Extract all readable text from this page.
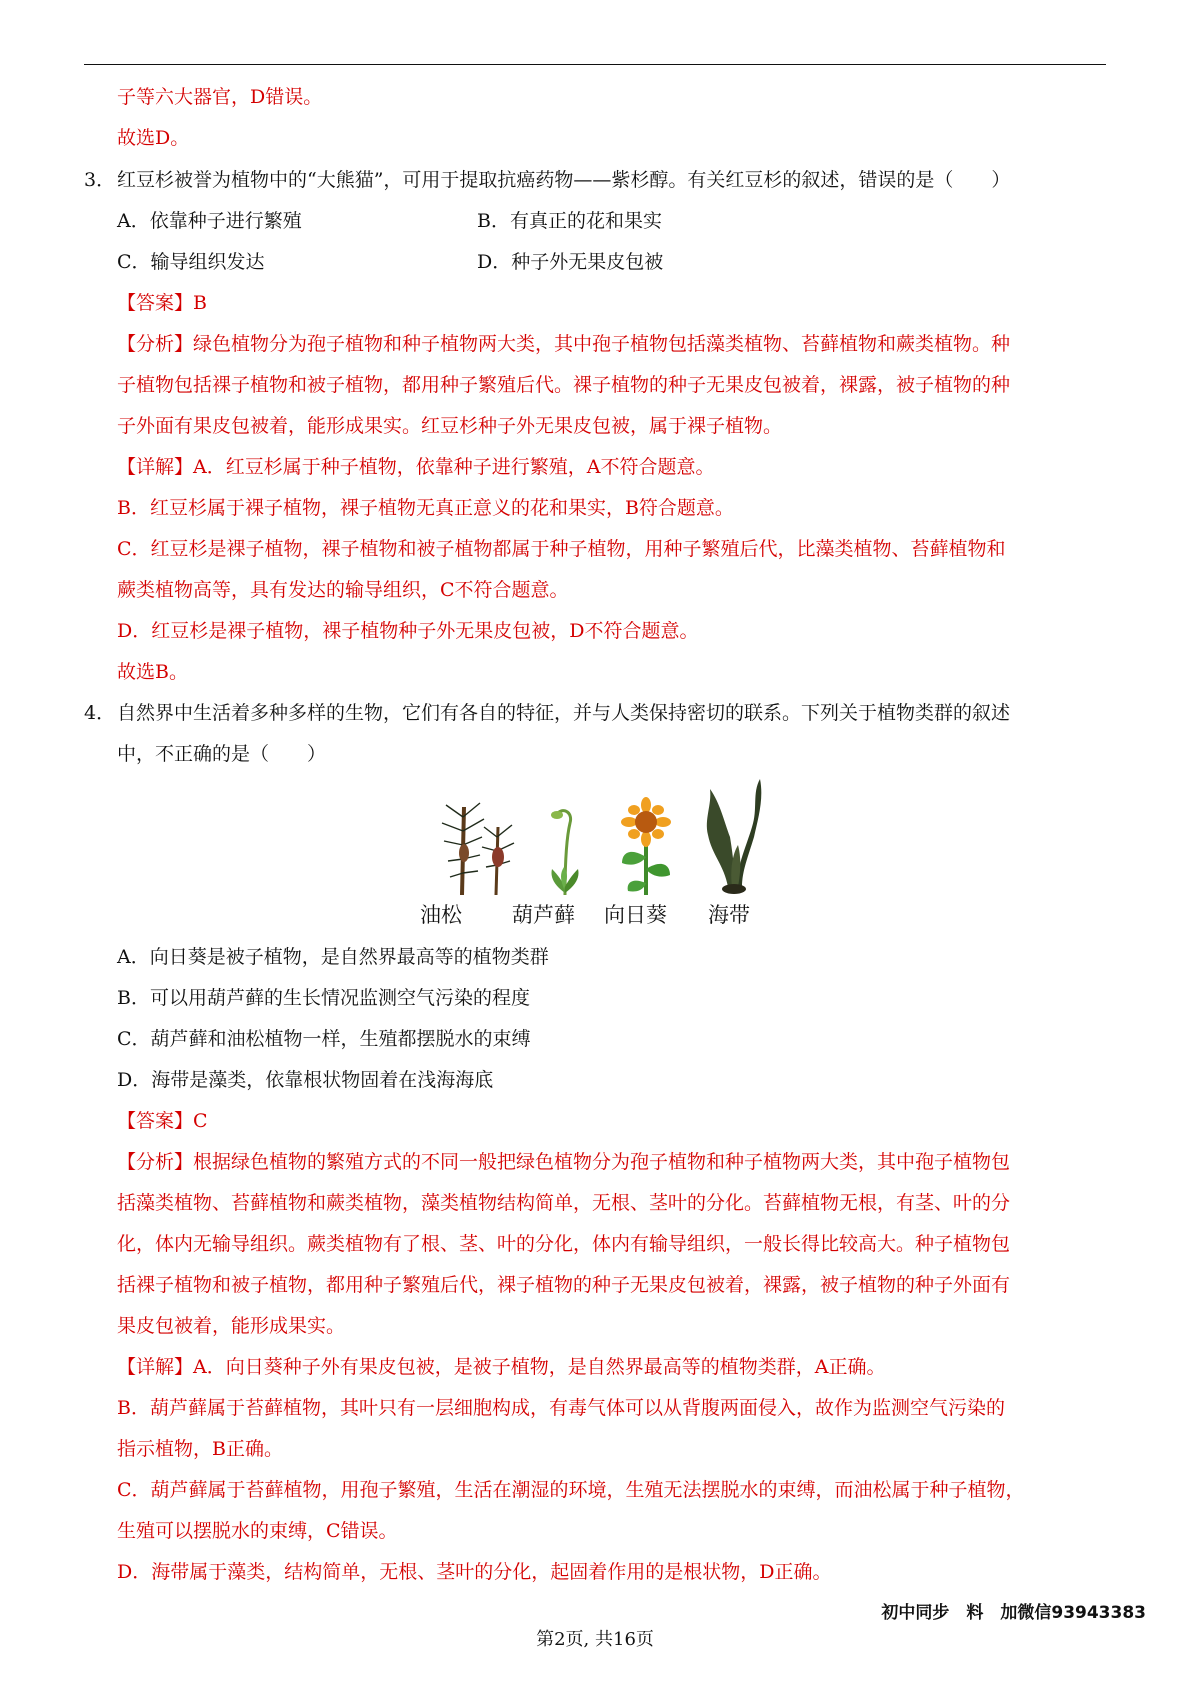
子等六大器官，D错误。
故选D。
3． 红豆杉被誉为植物中的“大熊猫”，可用于提取抗癌药物——紫杉醇。有关红豆杉的叙述，错误的是（　　）
A．依靠种子进行繁殖	B．有真正的花和果实
C．输导组织发达	D．种子外无果皮包被
【答案】B
【分析】绿色植物分为孢子植物和种子植物两大类，其中孢子植物包括藻类植物、苔藓植物和蕨类植物。种
子植物包括裸子植物和被子植物，都用种子繁殖后代。裸子植物的种子无果皮包被着，裸露，被子植物的种
子外面有果皮包被着，能形成果实。红豆杉种子外无果皮包被，属于裸子植物。
【详解】A．红豆杉属于种子植物，依靠种子进行繁殖，A不符合题意。
B．红豆杉属于裸子植物，裸子植物无真正意义的花和果实，B符合题意。
C．红豆杉是裸子植物，裸子植物和被子植物都属于种子植物，用种子繁殖后代，比藻类植物、苔藓植物和
蕨类植物高等，具有发达的输导组织，C不符合题意。
D．红豆杉是裸子植物，裸子植物种子外无果皮包被，D不符合题意。
故选B。
4． 自然界中生活着多种多样的生物，它们有各自的特征，并与人类保持密切的联系。下列关于植物类群的叙述
中，不正确的是（　　）
油松 葫芦藓 向日葵 海带
A．向日葵是被子植物，是自然界最高等的植物类群
B．可以用葫芦藓的生长情况监测空气污染的程度
C．葫芦藓和油松植物一样，生殖都摆脱水的束缚
D．海带是藻类，依靠根状物固着在浅海海底
【答案】C
【分析】根据绿色植物的繁殖方式的不同一般把绿色植物分为孢子植物和种子植物两大类，其中孢子植物包
括藻类植物、苔藓植物和蕨类植物，藻类植物结构简单，无根、茎叶的分化。苔藓植物无根，有茎、叶的分
化，体内无输导组织。蕨类植物有了根、茎、叶的分化，体内有输导组织，一般长得比较高大。种子植物包
括裸子植物和被子植物，都用种子繁殖后代，裸子植物的种子无果皮包被着，裸露，被子植物的种子外面有
果皮包被着，能形成果实。
【详解】A．向日葵种子外有果皮包被，是被子植物，是自然界最高等的植物类群，A正确。
B．葫芦藓属于苔藓植物，其叶只有一层细胞构成，有毒气体可以从背腹两面侵入，故作为监测空气污染的
指示植物，B正确。
C．葫芦藓属于苔藓植物，用孢子繁殖，生活在潮湿的环境，生殖无法摆脱水的束缚，而油松属于种子植物，
生殖可以摆脱水的束缚，C错误。
D．海带属于藻类，结构简单，无根、茎叶的分化，起固着作用的是根状物，D正确。
初中同步　料　加微信93943383
第2页, 共16页
